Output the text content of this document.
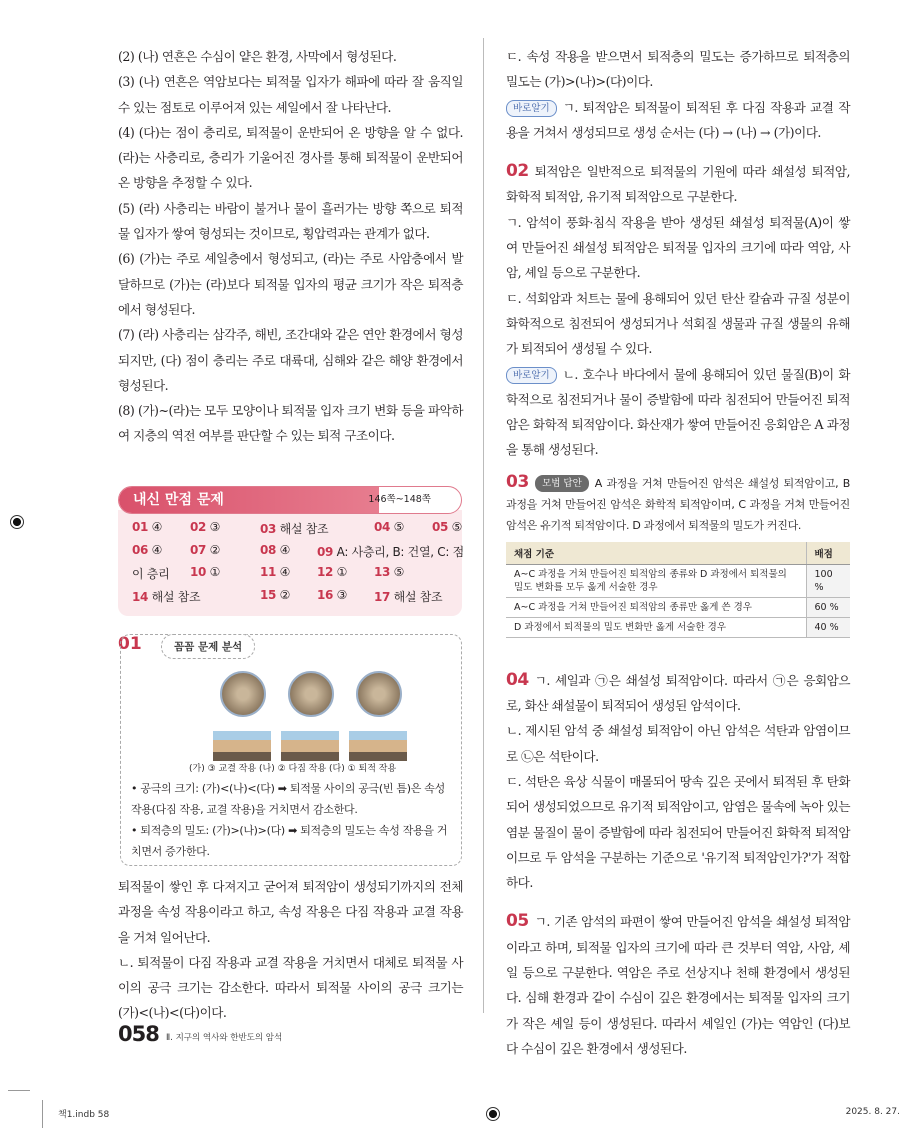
(2) (나) 연흔은 수심이 얕은 환경, 사막에서 형성된다.

(3) (나) 연흔은 역암보다는 퇴적물 입자가 해파에 따라 잘 움직일 수 있는 점토로 이루어져 있는 셰일에서 잘 나타난다.

(4) (다)는 점이 층리로, 퇴적물이 운반되어 온 방향을 알 수 없다. (라)는 사층리로, 층리가 기울어진 경사를 통해 퇴적물이 운반되어 온 방향을 추정할 수 있다.

(5) (라) 사층리는 바람이 불거나 물이 흘러가는 방향 쪽으로 퇴적물 입자가 쌓여 형성되는 것이므로, 횡압력과는 관계가 없다.

(6) (가)는 주로 셰일층에서 형성되고, (라)는 주로 사암층에서 발달하므로 (가)는 (라)보다 퇴적물 입자의 평균 크기가 작은 퇴적층에서 형성된다.

(7) (라) 사층리는 삼각주, 해빈, 조간대와 같은 연안 환경에서 형성되지만, (다) 점이 층리는 주로 대륙대, 심해와 같은 해양 환경에서 형성된다.

(8) (가)~(라)는 모두 모양이나 퇴적물 입자 크기 변화 등을 파악하여 지층의 역전 여부를 판단할 수 있는 퇴적 구조이다.

내신 만점 문제	146쪽~148쪽
01 ④ 02 ③	03 해설 참조	04 ⑤ 05 ⑤
06 ④ 07 ②	08 ④ 09 A: 사층리, B: 건열, C: 점
이 층리 10 ①	11 ④ 12 ① 13 ⑤
14 해설 참조	15 ② 16 ③ 17 해설 참조
01	꼼꼼 문제 분석
(가) ③ 교결 작용 (나) ② 다짐 작용 (다) ① 퇴적 작용

• 공극의 크기: (가)<(나)<(다) ➡ 퇴적물 사이의 공극(빈 틈)은 속성 작용(다짐 작용, 교결 작용)을 거치면서 감소한다.

• 퇴적층의 밀도: (가)>(나)>(다) ➡ 퇴적층의 밀도는 속성 작용을 거치면서 증가한다.

퇴적물이 쌓인 후 다져지고 굳어져 퇴적암이 생성되기까지의 전체 과정을 속성 작용이라고 하고, 속성 작용은 다짐 작용과 교결 작용을 거쳐 일어난다.

ㄴ. 퇴적물이 다짐 작용과 교결 작용을 거치면서 대체로 퇴적물 사이의 공극 크기는 감소한다. 따라서 퇴적물 사이의 공극 크기는 (가)<(나)<(다)이다.

ㄷ. 속성 작용을 받으면서 퇴적층의 밀도는 증가하므로 퇴적층의 밀도는 (가)>(나)>(다)이다.

바로알기 ㄱ. 퇴적암은 퇴적물이 퇴적된 후 다짐 작용과 교결 작용을 거쳐서 생성되므로 생성 순서는 (다) → (나) → (가)이다.

02 퇴적암은 일반적으로 퇴적물의 기원에 따라 쇄설성 퇴적암, 화학적 퇴적암, 유기적 퇴적암으로 구분한다.

ㄱ. 암석이 풍화·침식 작용을 받아 생성된 쇄설성 퇴적물(A)이 쌓여 만들어진 쇄설성 퇴적암은 퇴적물 입자의 크기에 따라 역암, 사암, 셰일 등으로 구분한다.

ㄷ. 석회암과 처트는 물에 용해되어 있던 탄산 칼슘과 규질 성분이 화학적으로 침전되어 생성되거나 석회질 생물과 규질 생물의 유해가 퇴적되어 생성될 수 있다.

바로알기 ㄴ. 호수나 바다에서 물에 용해되어 있던 물질(B)이 화학적으로 침전되거나 물이 증발함에 따라 침전되어 만들어진 퇴적암은 화학적 퇴적암이다. 화산재가 쌓여 만들어진 응회암은 A 과정을 통해 생성된다.

03 모범 답안 A 과정을 거쳐 만들어진 암석은 쇄설성 퇴적암이고, B 과정을 거쳐 만들어진 암석은 화학적 퇴적암이며, C 과정을 거쳐 만들어진 암석은 유기적 퇴적암이다. D 과정에서 퇴적물의 밀도가 커진다.

채점 기준	배점
A~C 과정을 거쳐 만들어진 퇴적암의 종류와 D 과정에서 퇴적물의 밀도 변화를 모두 옳게 서술한 경우	100 %
A~C 과정을 거쳐 만들어진 퇴적암의 종류만 옳게 쓴 경우	60 %
D 과정에서 퇴적물의 밀도 변화만 옳게 서술한 경우	40 %

04 ㄱ. 셰일과 ㉠은 쇄설성 퇴적암이다. 따라서 ㉠은 응회암으로, 화산 쇄설물이 퇴적되어 생성된 암석이다.

ㄴ. 제시된 암석 중 쇄설성 퇴적암이 아닌 암석은 석탄과 암염이므로 ㉡은 석탄이다.

ㄷ. 석탄은 육상 식물이 매몰되어 땅속 깊은 곳에서 퇴적된 후 탄화되어 생성되었으므로 유기적 퇴적암이고, 암염은 물속에 녹아 있는 염분 물질이 물이 증발함에 따라 침전되어 만들어진 화학적 퇴적암이므로 두 암석을 구분하는 기준으로 '유기적 퇴적암인가?'가 적합하다.

05 ㄱ. 기존 암석의 파편이 쌓여 만들어진 암석을 쇄설성 퇴적암이라고 하며, 퇴적물 입자의 크기에 따라 큰 것부터 역암, 사암, 셰일 등으로 구분한다. 역암은 주로 선상지나 천해 환경에서 생성된다. 심해 환경과 같이 수심이 깊은 환경에서는 퇴적물 입자의 크기가 작은 셰일 등이 생성된다. 따라서 셰일인 (가)는 역암인 (다)보다 수심이 깊은 환경에서 생성된다.

058 Ⅱ. 지구의 역사와 한반도의 암석
책1.indb 58	2025. 8. 27.
